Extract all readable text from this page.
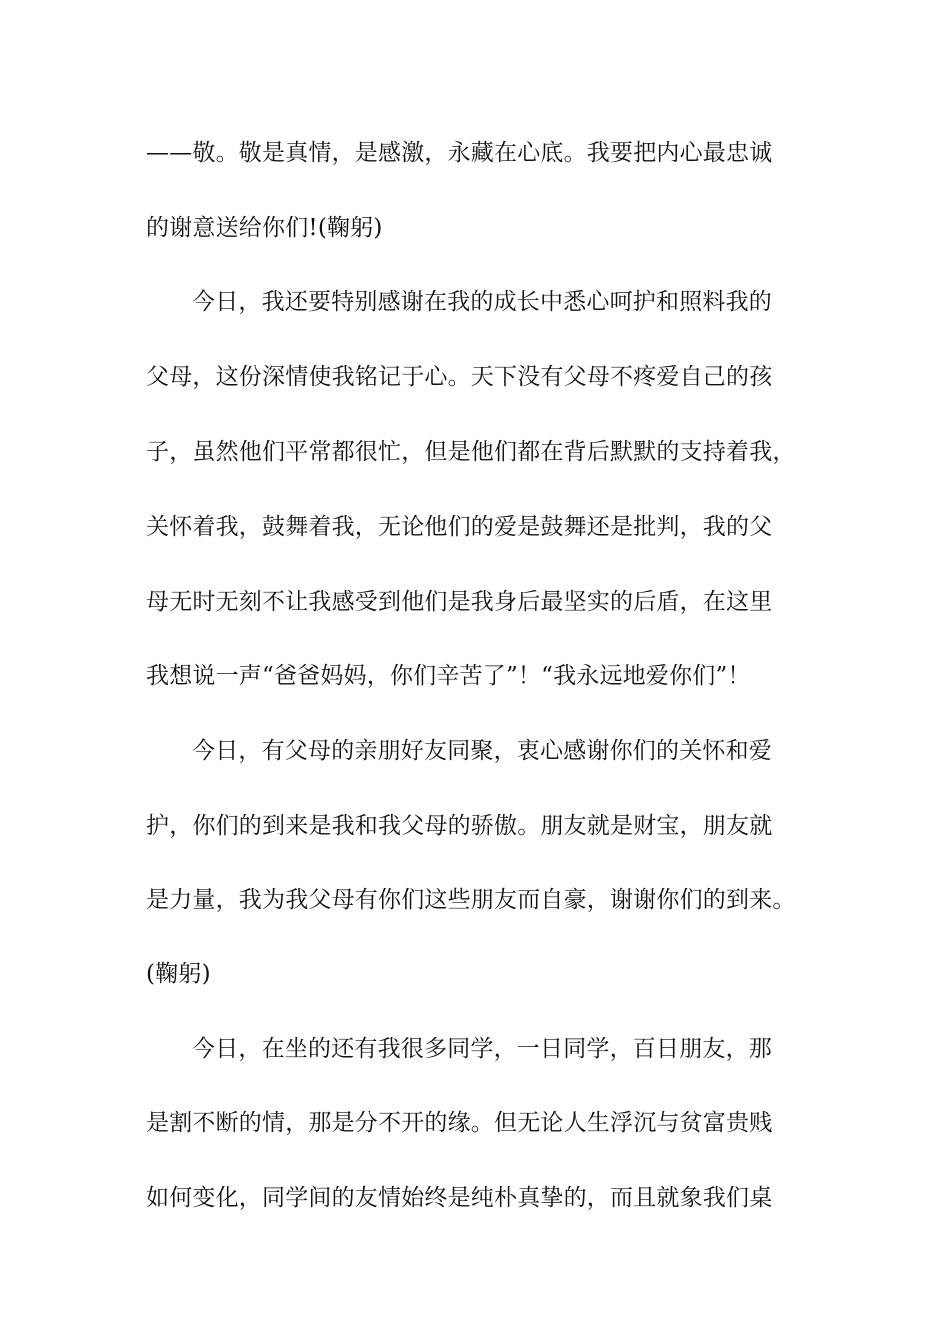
——敬。敬是真情，是感激，永藏在心底。我要把内心最忠诚
的谢意送给你们!(鞠躬)
今日，我还要特别感谢在我的成长中悉心呵护和照料我的
父母，这份深情使我铭记于心。天下没有父母不疼爱自己的孩
子，虽然他们平常都很忙，但是他们都在背后默默的支持着我，
关怀着我，鼓舞着我，无论他们的爱是鼓舞还是批判，我的父
母无时无刻不让我感受到他们是我身后最坚实的后盾，在这里
我想说一声“爸爸妈妈，你们辛苦了”！“我永远地爱你们”！
今日，有父母的亲朋好友同聚，衷心感谢你们的关怀和爱
护，你们的到来是我和我父母的骄傲。朋友就是财宝，朋友就
是力量，我为我父母有你们这些朋友而自豪，谢谢你们的到来。
(鞠躬)
今日，在坐的还有我很多同学，一日同学，百日朋友，那
是割不断的情，那是分不开的缘。但无论人生浮沉与贫富贵贱
如何变化，同学间的友情始终是纯朴真挚的，而且就象我们桌
